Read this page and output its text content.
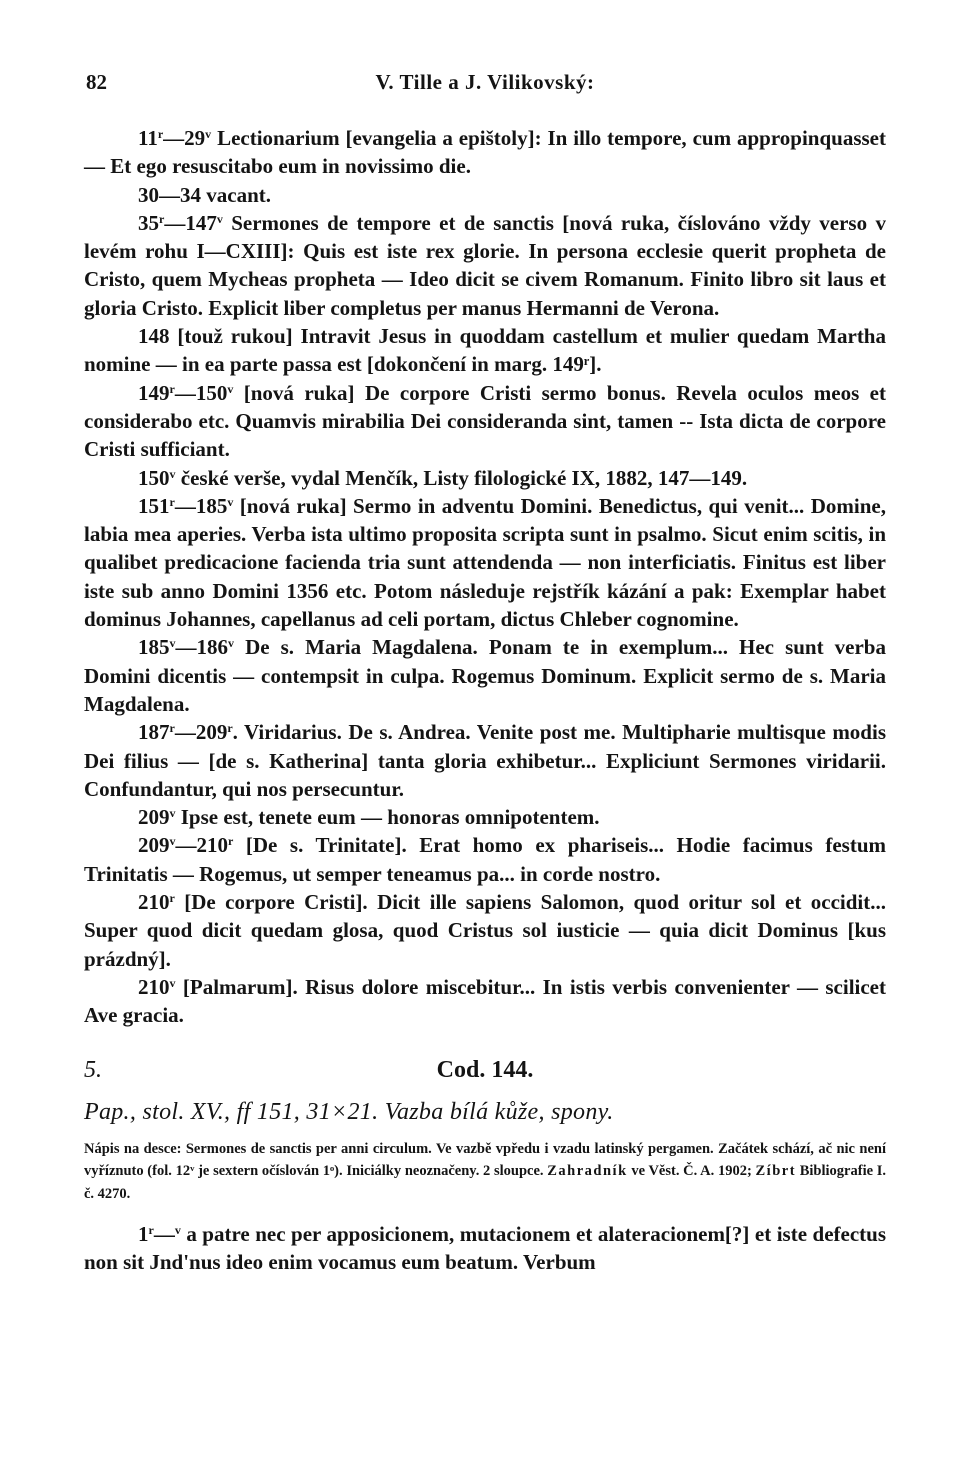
82	V. Tille a J. Vilikovský:

11$^r$—29$^v$ Lectionarium [evangelia a epištoly]: In illo tempore, cum appropinquasset — Et ego resuscitabo eum in novissimo die.

30—34 vacant.

35$^r$—147$^v$ Sermones de tempore et de sanctis [nová ruka, číslováno vždy verso v levém rohu I—CXIII]: Quis est iste rex glorie. In persona ecclesie querit propheta de Cristo, quem Mycheas propheta — Ideo dicit se civem Romanum. Finito libro sit laus et gloria Cristo. Explicit liber completus per manus Hermanni de Verona.

148 [touž rukou] Intravit Jesus in quoddam castellum et mulier quedam Martha nomine — in ea parte passa est [dokončení in marg. 149ʳ].

149$^r$—150$^v$ [nová ruka] De corpore Cristi sermo bonus. Revela oculos meos et considerabo etc. Quamvis mirabilia Dei consideranda sint, tamen -- Ista dicta de corpore Cristi sufficiant.

150$^v$ české verše, vydal Menčík, Listy filologické IX, 1882, 147—149.

151$^r$—185$^v$ [nová ruka] Sermo in adventu Domini. Benedictus, qui venit... Domine, labia mea aperies. Verba ista ultimo proposita scripta sunt in psalmo. Sicut enim scitis, in qualibet predicacione facienda tria sunt attendenda — non interficiatis. Finitus est liber iste sub anno Domini 1356 etc. Potom následuje rejstřík kázání a pak: Exemplar habet dominus Johannes, capellanus ad celi portam, dictus Chleber cognomine.

185$^v$—186$^v$ De s. Maria Magdalena. Ponam te in exemplum... Hec sunt verba Domini dicentis — contempsit in culpa. Rogemus Dominum. Explicit sermo de s. Maria Magdalena.

187$^r$—209$^r$. Viridarius. De s. Andrea. Venite post me. Multipharie multisque modis Dei filius — [de s. Katherina] tanta gloria exhibetur... Expliciunt Sermones viridarii. Confundantur, qui nos persecuntur.

209$^v$ Ipse est, tenete eum — honoras omnipotentem.

209$^v$—210$^r$ [De s. Trinitate]. Erat homo ex phariseis... Hodie facimus festum Trinitatis — Rogemus, ut semper teneamus pa... in corde nostro.

210$^r$ [De corpore Cristi]. Dicit ille sapiens Salomon, quod oritur sol et occidit... Super quod dicit quedam glosa, quod Cristus sol iusticie — quia dicit Dominus [kus prázdný].

210$^v$ [Palmarum]. Risus dolore miscebitur... In istis verbis convenienter — scilicet Ave gracia.

5.	Cod. 144.

Pap., stol. XV., ff 151, 31×21. Vazba bílá kůže, spony.

Nápis na desce: Sermones de sanctis per anni circulum. Ve vazbě vpředu i vzadu latinský pergamen. Začátek schází, ač nic není vyříznuto (fol. 12ᵛ je sextern očíslován 1ᵒ). Iniciálky neoznačeny. 2 sloupce. Zahradník ve Věst. Č. A. 1902; Zíbrt Bibliografie I. č. 4270.

1$^r$—$^v$ a patre nec per apposicionem, mutacionem et alateracionem[?] et iste defectus non sit Jnd'nus ideo enim vocamus eum beatum. Verbum
